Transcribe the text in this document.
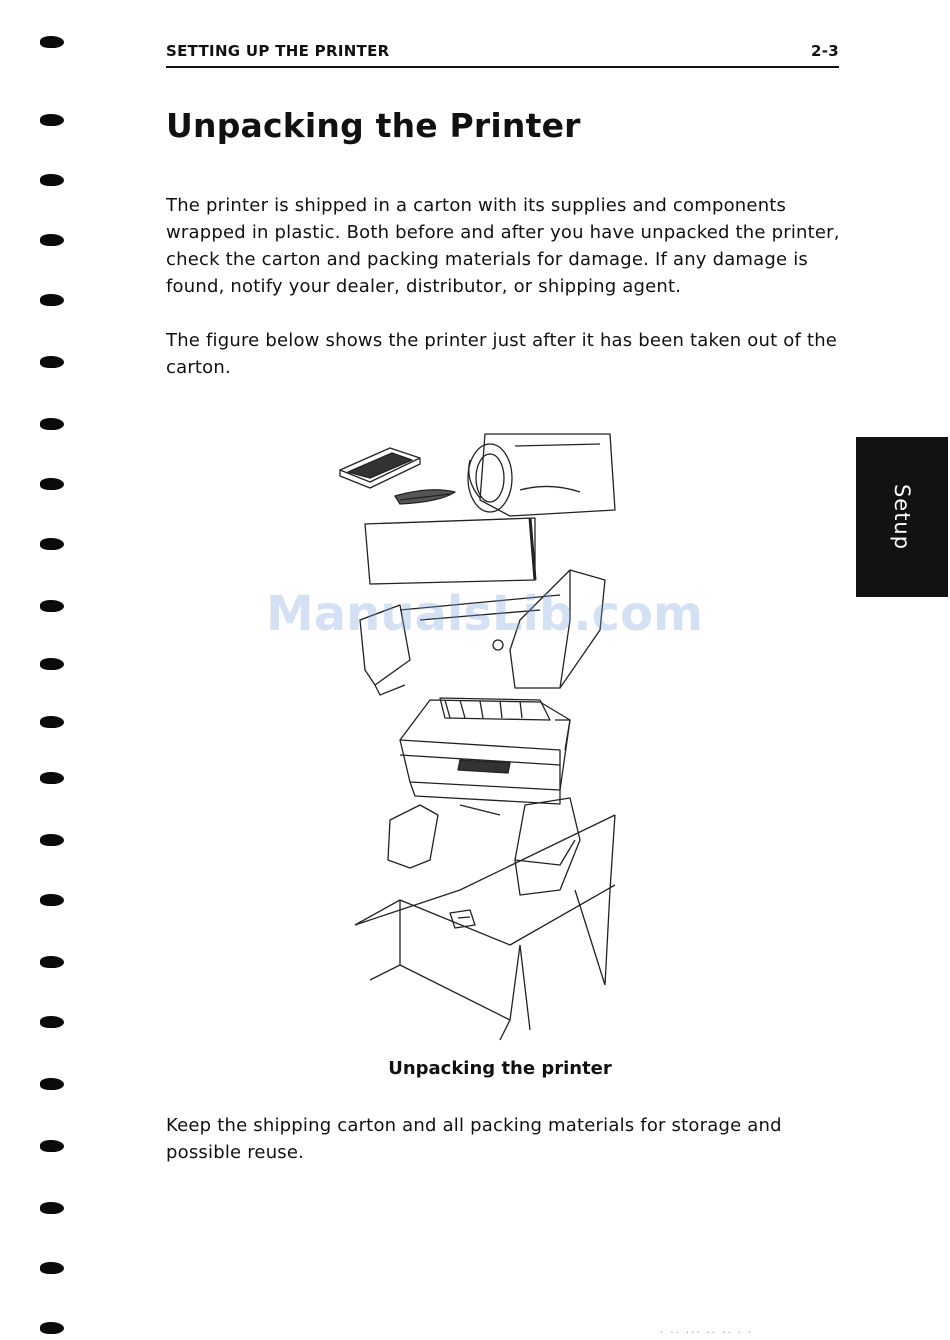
SETTING UP THE PRINTER	2-3
Unpacking the Printer

The printer is shipped in a carton with its supplies and components wrapped in plastic. Both before and after you have unpacked the printer, check the carton and packing materials for damage. If any damage is found, notify your dealer, distributor, or shipping agent.

The figure below shows the printer just after it has been taken out of the carton.

Unpacking the printer

Keep the shipping carton and all packing materials for storage and possible reuse.

Setup
ManualsLib.com
· ·· ··· ·· ·· · ·
